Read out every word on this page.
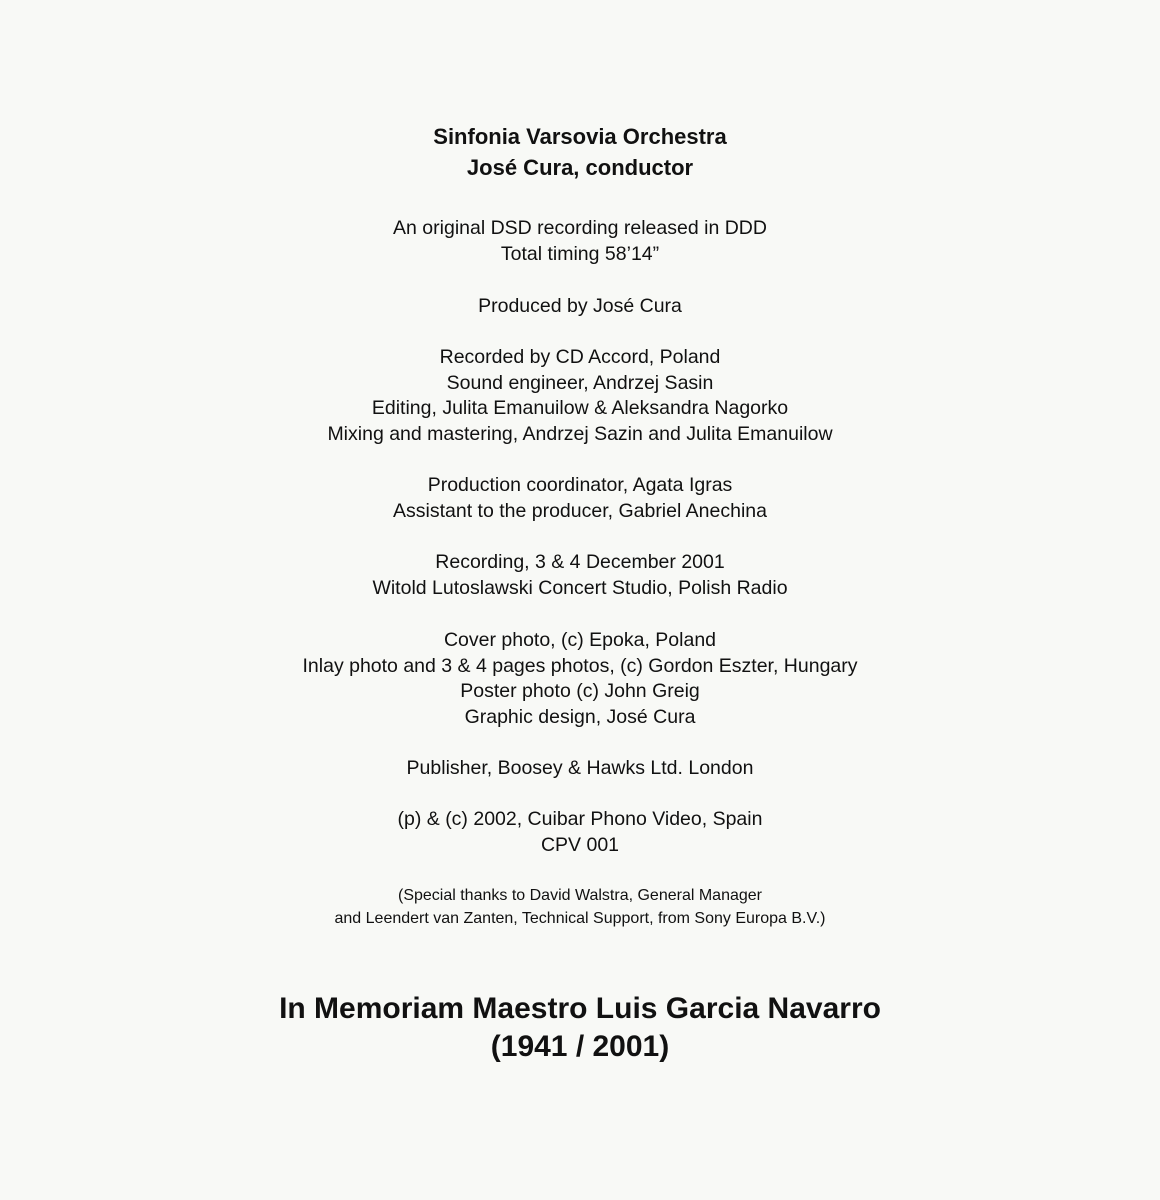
Sinfonia Varsovia Orchestra
José Cura, conductor
An original DSD recording released in DDD
Total timing 58’14”
Produced by José Cura
Recorded by CD Accord, Poland
Sound engineer, Andrzej Sasin
Editing, Julita Emanuilow & Aleksandra Nagorko
Mixing and mastering, Andrzej Sazin and Julita Emanuilow
Production coordinator, Agata Igras
Assistant to the producer, Gabriel Anechina
Recording, 3 & 4 December 2001
Witold Lutoslawski Concert Studio, Polish Radio
Cover photo, (c) Epoka, Poland
Inlay photo and 3 & 4 pages photos, (c) Gordon Eszter, Hungary
Poster photo (c) John Greig
Graphic design, José Cura
Publisher, Boosey & Hawks Ltd. London
(p) & (c) 2002, Cuibar Phono Video, Spain
CPV 001
(Special thanks to David Walstra, General Manager
and Leendert van Zanten, Technical Support, from Sony Europa B.V.)
In Memoriam Maestro Luis Garcia Navarro
(1941 / 2001)
